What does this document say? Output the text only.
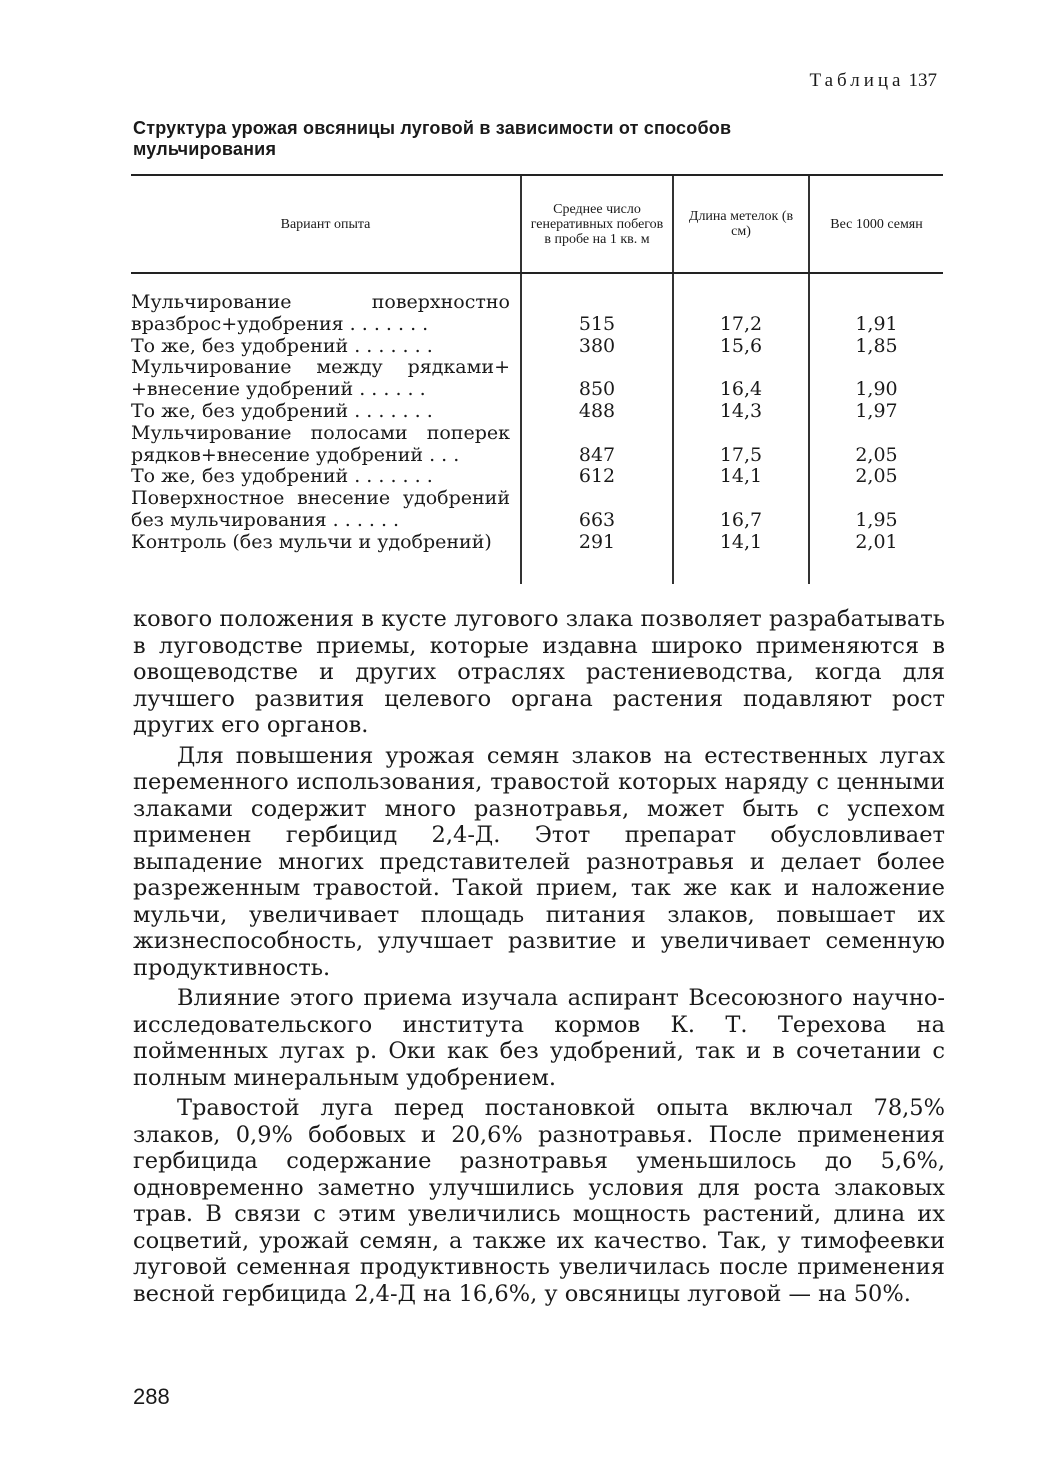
Таблица 137
Структура урожая овсяницы луговой в зависимости от способов мульчирования
Вариант опыта	Среднее число генеративных побегов в пробе на 1 кв. м	Длина метелок (в см)	Вес 1000 семян
Мульчирование поверхностно вразброс+удобрения . . . . . . .	515	17,2	1,91
То же, без удобрений . . . . . . .	380	15,6	1,85
Мульчирование между рядками+ +внесение удобрений . . . . . .	850	16,4	1,90
То же, без удобрений . . . . . . .	488	14,3	1,97
Мульчирование полосами поперек рядков+внесение удобрений . . .	847	17,5	2,05
То же, без удобрений . . . . . . .	612	14,1	2,05
Поверхностное внесение удобрений без мульчирования . . . . . .	663	16,7	1,95
Контроль (без мульчи и удобрений)	291	14,1	2,01

кового положения в кусте лугового злака позволяет разрабатывать в луговодстве приемы, которые издавна широко применяются в овощеводстве и других отраслях растениеводства, когда для лучшего развития целевого органа растения подавляют рост других его органов.

Для повышения урожая семян злаков на естественных лугах переменного использования, травостой которых наряду с ценными злаками содержит много разнотравья, может быть с успехом применен гербицид 2,4-Д. Этот препарат обусловливает выпадение многих представителей разнотравья и делает более разреженным травостой. Такой прием, так же как и наложение мульчи, увеличивает площадь питания злаков, повышает их жизнеспособность, улучшает развитие и увеличивает семенную продуктивность.

Влияние этого приема изучала аспирант Всесоюзного научно-исследовательского института кормов К. Т. Терехова на пойменных лугах р. Оки как без удобрений, так и в сочетании с полным минеральным удобрением.

Травостой луга перед постановкой опыта включал 78,5% злаков, 0,9% бобовых и 20,6% разнотравья. После применения гербицида содержание разнотравья уменьшилось до 5,6%, одновременно заметно улучшились условия для роста злаковых трав. В связи с этим увеличились мощность растений, длина их соцветий, урожай семян, а также их качество. Так, у тимофеевки луговой семенная продуктивность увеличилась после применения весной гербицида 2,4-Д на 16,6%, у овсяницы луговой — на 50%.

288
